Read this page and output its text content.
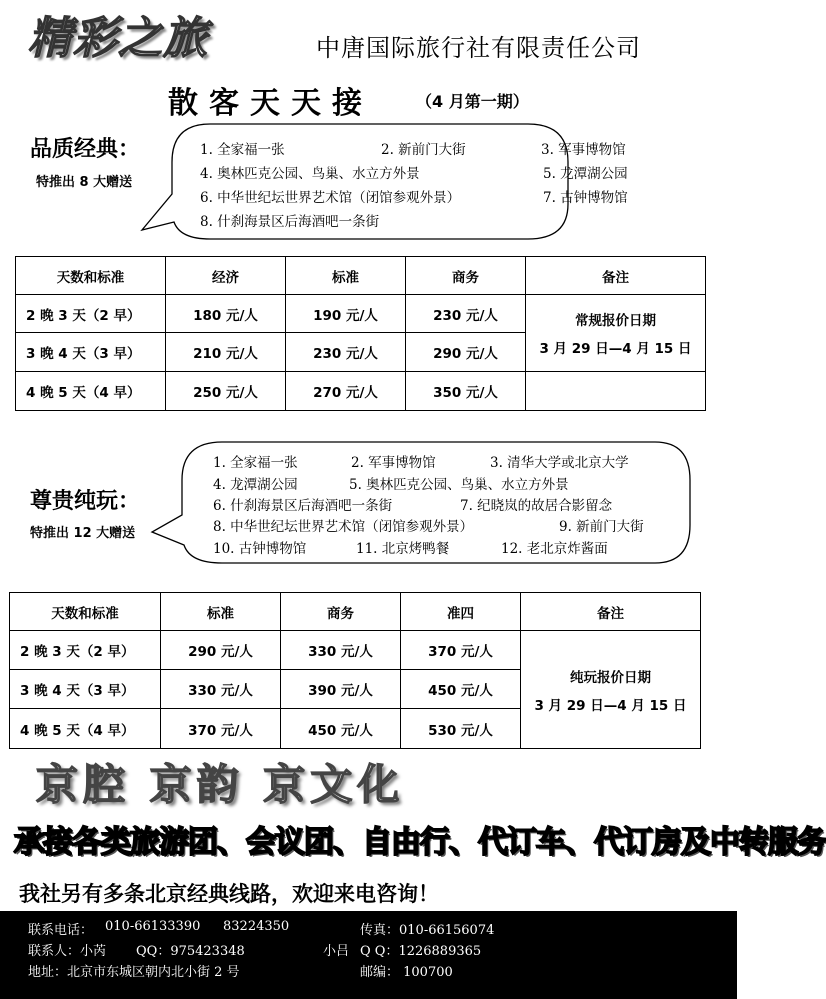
精彩之旅	中唐国际旅行社有限责任公司
散客天天接	（4 月第一期）
品质经典：
特推出 8 大赠送
1. 全家福一张	2. 新前门大街	3. 军事博物馆
4. 奥林匹克公园、鸟巢、水立方外景	5. 龙潭湖公园
6. 中华世纪坛世界艺术馆（闭馆参观外景）	7. 古钟博物馆
8. 什刹海景区后海酒吧一条街
天数和标准	经济	标准	商务	备注
2 晚 3 天（2 早）	180 元/人	190 元/人	230 元/人	常规报价日期
3 月 29 日—4 月 15 日

3 晚 4 天（3 早）	210 元/人	230 元/人	290 元/人	
4 晚 5 天（4 早）	250 元/人	270 元/人	350 元/人	
尊贵纯玩：
特推出 12 大赠送
1. 全家福一张	2. 军事博物馆	3. 清华大学或北京大学
4. 龙潭湖公园	5. 奥林匹克公园、鸟巢、水立方外景
6. 什刹海景区后海酒吧一条街	7. 纪晓岚的故居合影留念
8. 中华世纪坛世界艺术馆（闭馆参观外景）	9. 新前门大街
10. 古钟博物馆	11. 北京烤鸭餐	12. 老北京炸酱面
天数和标准	标准	商务	准四	备注
2 晚 3 天（2 早）	290 元/人	330 元/人	370 元/人	纯玩报价日期
3 月 29 日—4 月 15 日

3 晚 4 天（3 早）	330 元/人	390 元/人	450 元/人	
4 晚 5 天（4 早）	370 元/人	450 元/人	530 元/人	
京腔 京韵 京文化
承接各类旅游团、会议团、自由行、代订车、代订房及中转服务
我社另有多条北京经典线路，欢迎来电咨询！
联系电话： 010-66133390 83224350	传真：010-66156074
联系人：小芮 QQ：975423348	小吕 Q Q：1226889365
地址：北京市东城区朝内北小街 2 号	邮编： 100700
